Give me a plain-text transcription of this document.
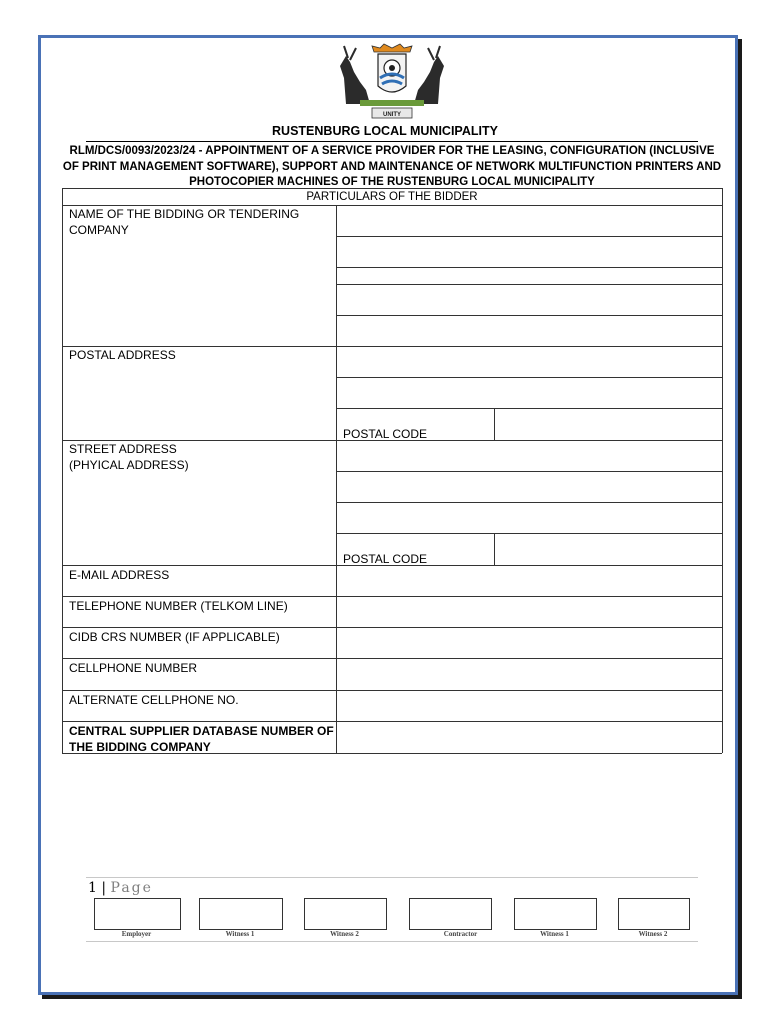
UNITY
RUSTENBURG LOCAL MUNICIPALITY
RLM/DCS/0093/2023/24 - APPOINTMENT OF A SERVICE PROVIDER FOR THE LEASING, CONFIGURATION (INCLUSIVE OF PRINT MANAGEMENT SOFTWARE), SUPPORT AND MAINTENANCE OF NETWORK MULTIFUNCTION PRINTERS AND PHOTOCOPIER MACHINES OF THE RUSTENBURG LOCAL MUNICIPALITY
PARTICULARS OF THE BIDDER
NAME OF THE BIDDING OR TENDERING COMPANY
POSTAL ADDRESS
POSTAL CODE
STREET ADDRESS
(PHYICAL ADDRESS)
POSTAL CODE
E-MAIL ADDRESS
TELEPHONE NUMBER (TELKOM LINE)
CIDB CRS NUMBER (IF APPLICABLE)
CELLPHONE NUMBER
ALTERNATE CELLPHONE NO.
CENTRAL SUPPLIER DATABASE NUMBER OF THE BIDDING COMPANY
1 | Page
Employer	Witness 1	Witness 2	Contractor	Witness 1	Witness 2
